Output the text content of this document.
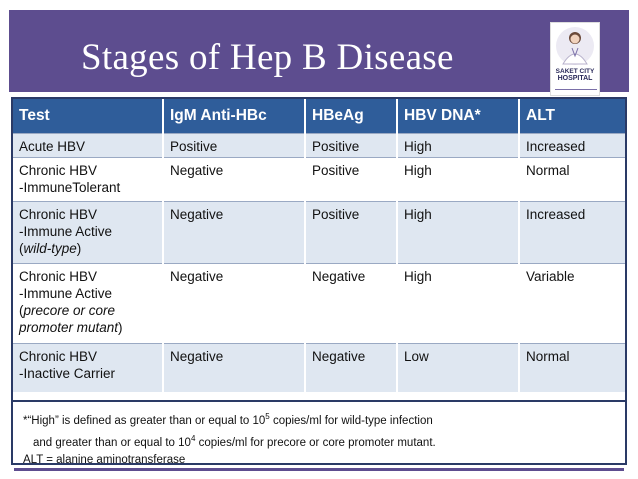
Stages of Hep B Disease	SAKET CITY
HOSPITAL
Test	IgM Anti-HBc	HBeAg	HBV DNA*	ALT
Acute HBV	Positive	Positive	High	Increased
Chronic HBV
-ImmuneTolerant	Negative	Positive	High	Normal
Chronic HBV
-Immune Active
(wild-type)	Negative	Positive	High	Increased
Chronic HBV
-Immune Active
(precore or core
promoter mutant)	Negative	Negative	High	Variable
Chronic HBV
-Inactive Carrier	Negative	Negative	Low	Normal
*“High” is defined as greater than or equal to $10^5$ copies/ml for wild-type infection
and greater than or equal to $10^4$ copies/ml for precore or core promoter mutant.
ALT = alanine aminotransferase
